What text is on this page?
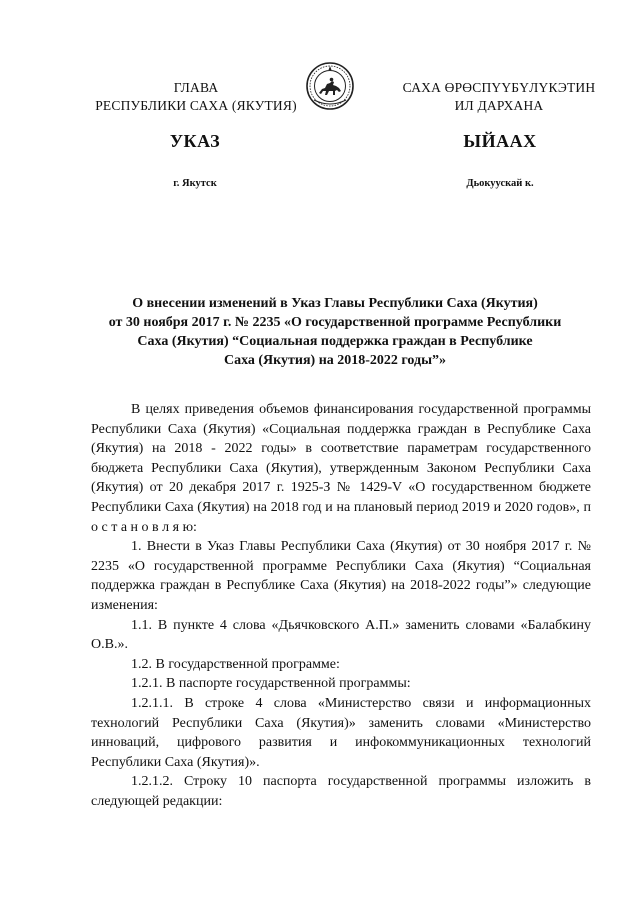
ГЛАВА
РЕСПУБЛИКИ САХА (ЯКУТИЯ)
САХА ӨРӨСПҮҮБҮЛҮКЭТИН
ИЛ ДАРХАНА
УКАЗ	ЫЙААХ
г. Якутск	Дьокуускай к.
О внесении изменений в Указ Главы Республики Саха (Якутия)
от 30 ноября 2017 г. № 2235 «О государственной программе Республики
Саха (Якутия) “Социальная поддержка граждан в Республике
Саха (Якутия) на 2018-2022 годы”»

В целях приведения объемов финансирования государственной программы Республики Саха (Якутия) «Социальная поддержка граждан в Республике Саха (Якутия) на 2018 - 2022 годы» в соответствие параметрам государственного бюджета Республики Саха (Якутия), утвержденным Законом Республики Саха (Якутия) от 20 декабря 2017 г. 1925-З № 1429-V «О государственном бюджете Республики Саха (Якутия) на 2018 год и на плановый период 2019 и 2020 годов», п о с т а н о в л я ю:

1. Внести в Указ Главы Республики Саха (Якутия) от 30 ноября 2017 г. № 2235 «О государственной программе Республики Саха (Якутия) “Социальная поддержка граждан в Республике Саха (Якутия) на 2018-2022 годы”» следующие изменения:

1.1. В пункте 4 слова «Дьячковского А.П.» заменить словами «Балабкину О.В.».

1.2. В государственной программе:

1.2.1. В паспорте государственной программы:

1.2.1.1. В строке 4 слова «Министерство связи и информационных технологий Республики Саха (Якутия)» заменить словами «Министерство инноваций, цифрового развития и инфокоммуникационных технологий Республики Саха (Якутия)».

1.2.1.2. Строку 10 паспорта государственной программы изложить в следующей редакции:
